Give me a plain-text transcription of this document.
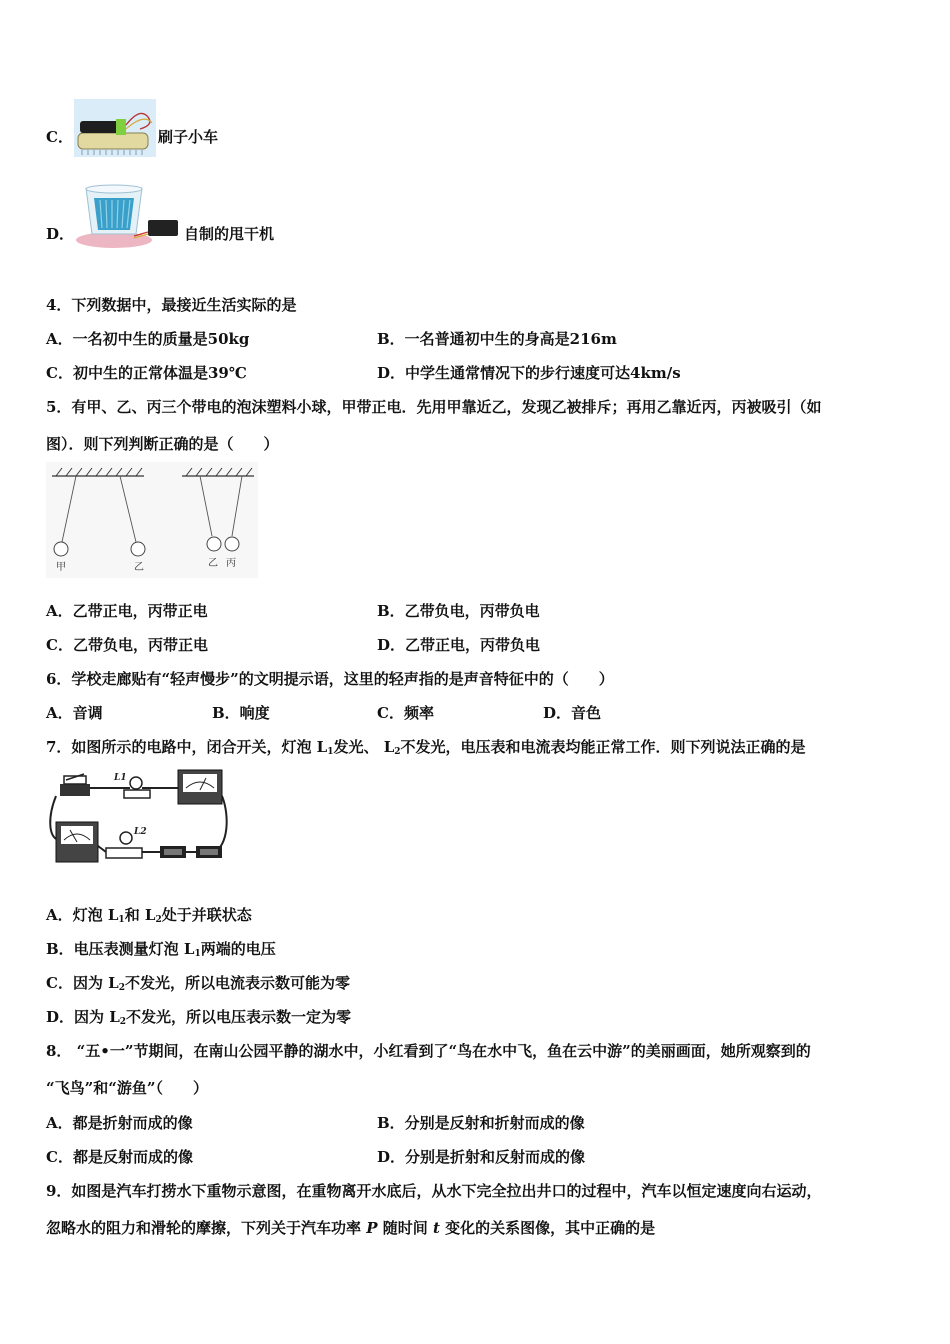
C．	刷子小车
D．	自制的甩干机
4．下列数据中，最接近生活实际的是
A．一名初中生的质量是50kg	B．一名普通初中生的身高是216m
C．初中生的正常体温是39℃	D．中学生通常情况下的步行速度可达4km/s
5．有甲、乙、丙三个带电的泡沫塑料小球，甲带正电．先用甲靠近乙，发现乙被排斥；再用乙靠近丙，丙被吸引（如
图）．则下列判断正确的是（　　）
甲	乙	乙 丙
A．乙带正电，丙带正电	B．乙带负电，丙带负电
C．乙带负电，丙带正电	D．乙带正电，丙带负电
6．学校走廊贴有“轻声慢步”的文明提示语，这里的轻声指的是声音特征中的（　　）
A．音调	B．响度	C．频率	D．音色
7．如图所示的电路中，闭合开关，灯泡 $L_1$发光、 $L_2$不发光，电压表和电流表均能正常工作．则下列说法正确的是
L1
L2
A．灯泡 $L_1$和 $L_2$处于并联状态
B．电压表测量灯泡 $L_1$两端的电压
C．因为 $L_2$不发光，所以电流表示数可能为零
D．因为 $L_2$不发光，所以电压表示数一定为零
8． “五•一”节期间，在南山公园平静的湖水中，小红看到了“鸟在水中飞，鱼在云中游”的美丽画面，她所观察到的
“飞鸟”和“游鱼”（　　）
A．都是折射而成的像	B．分别是反射和折射而成的像
C．都是反射而成的像	D．分别是折射和反射而成的像
9．如图是汽车打捞水下重物示意图，在重物离开水底后，从水下完全拉出井口的过程中，汽车以恒定速度向右运动，
忽略水的阻力和滑轮的摩擦，下列关于汽车功率 P 随时间 t 变化的关系图像，其中正确的是
